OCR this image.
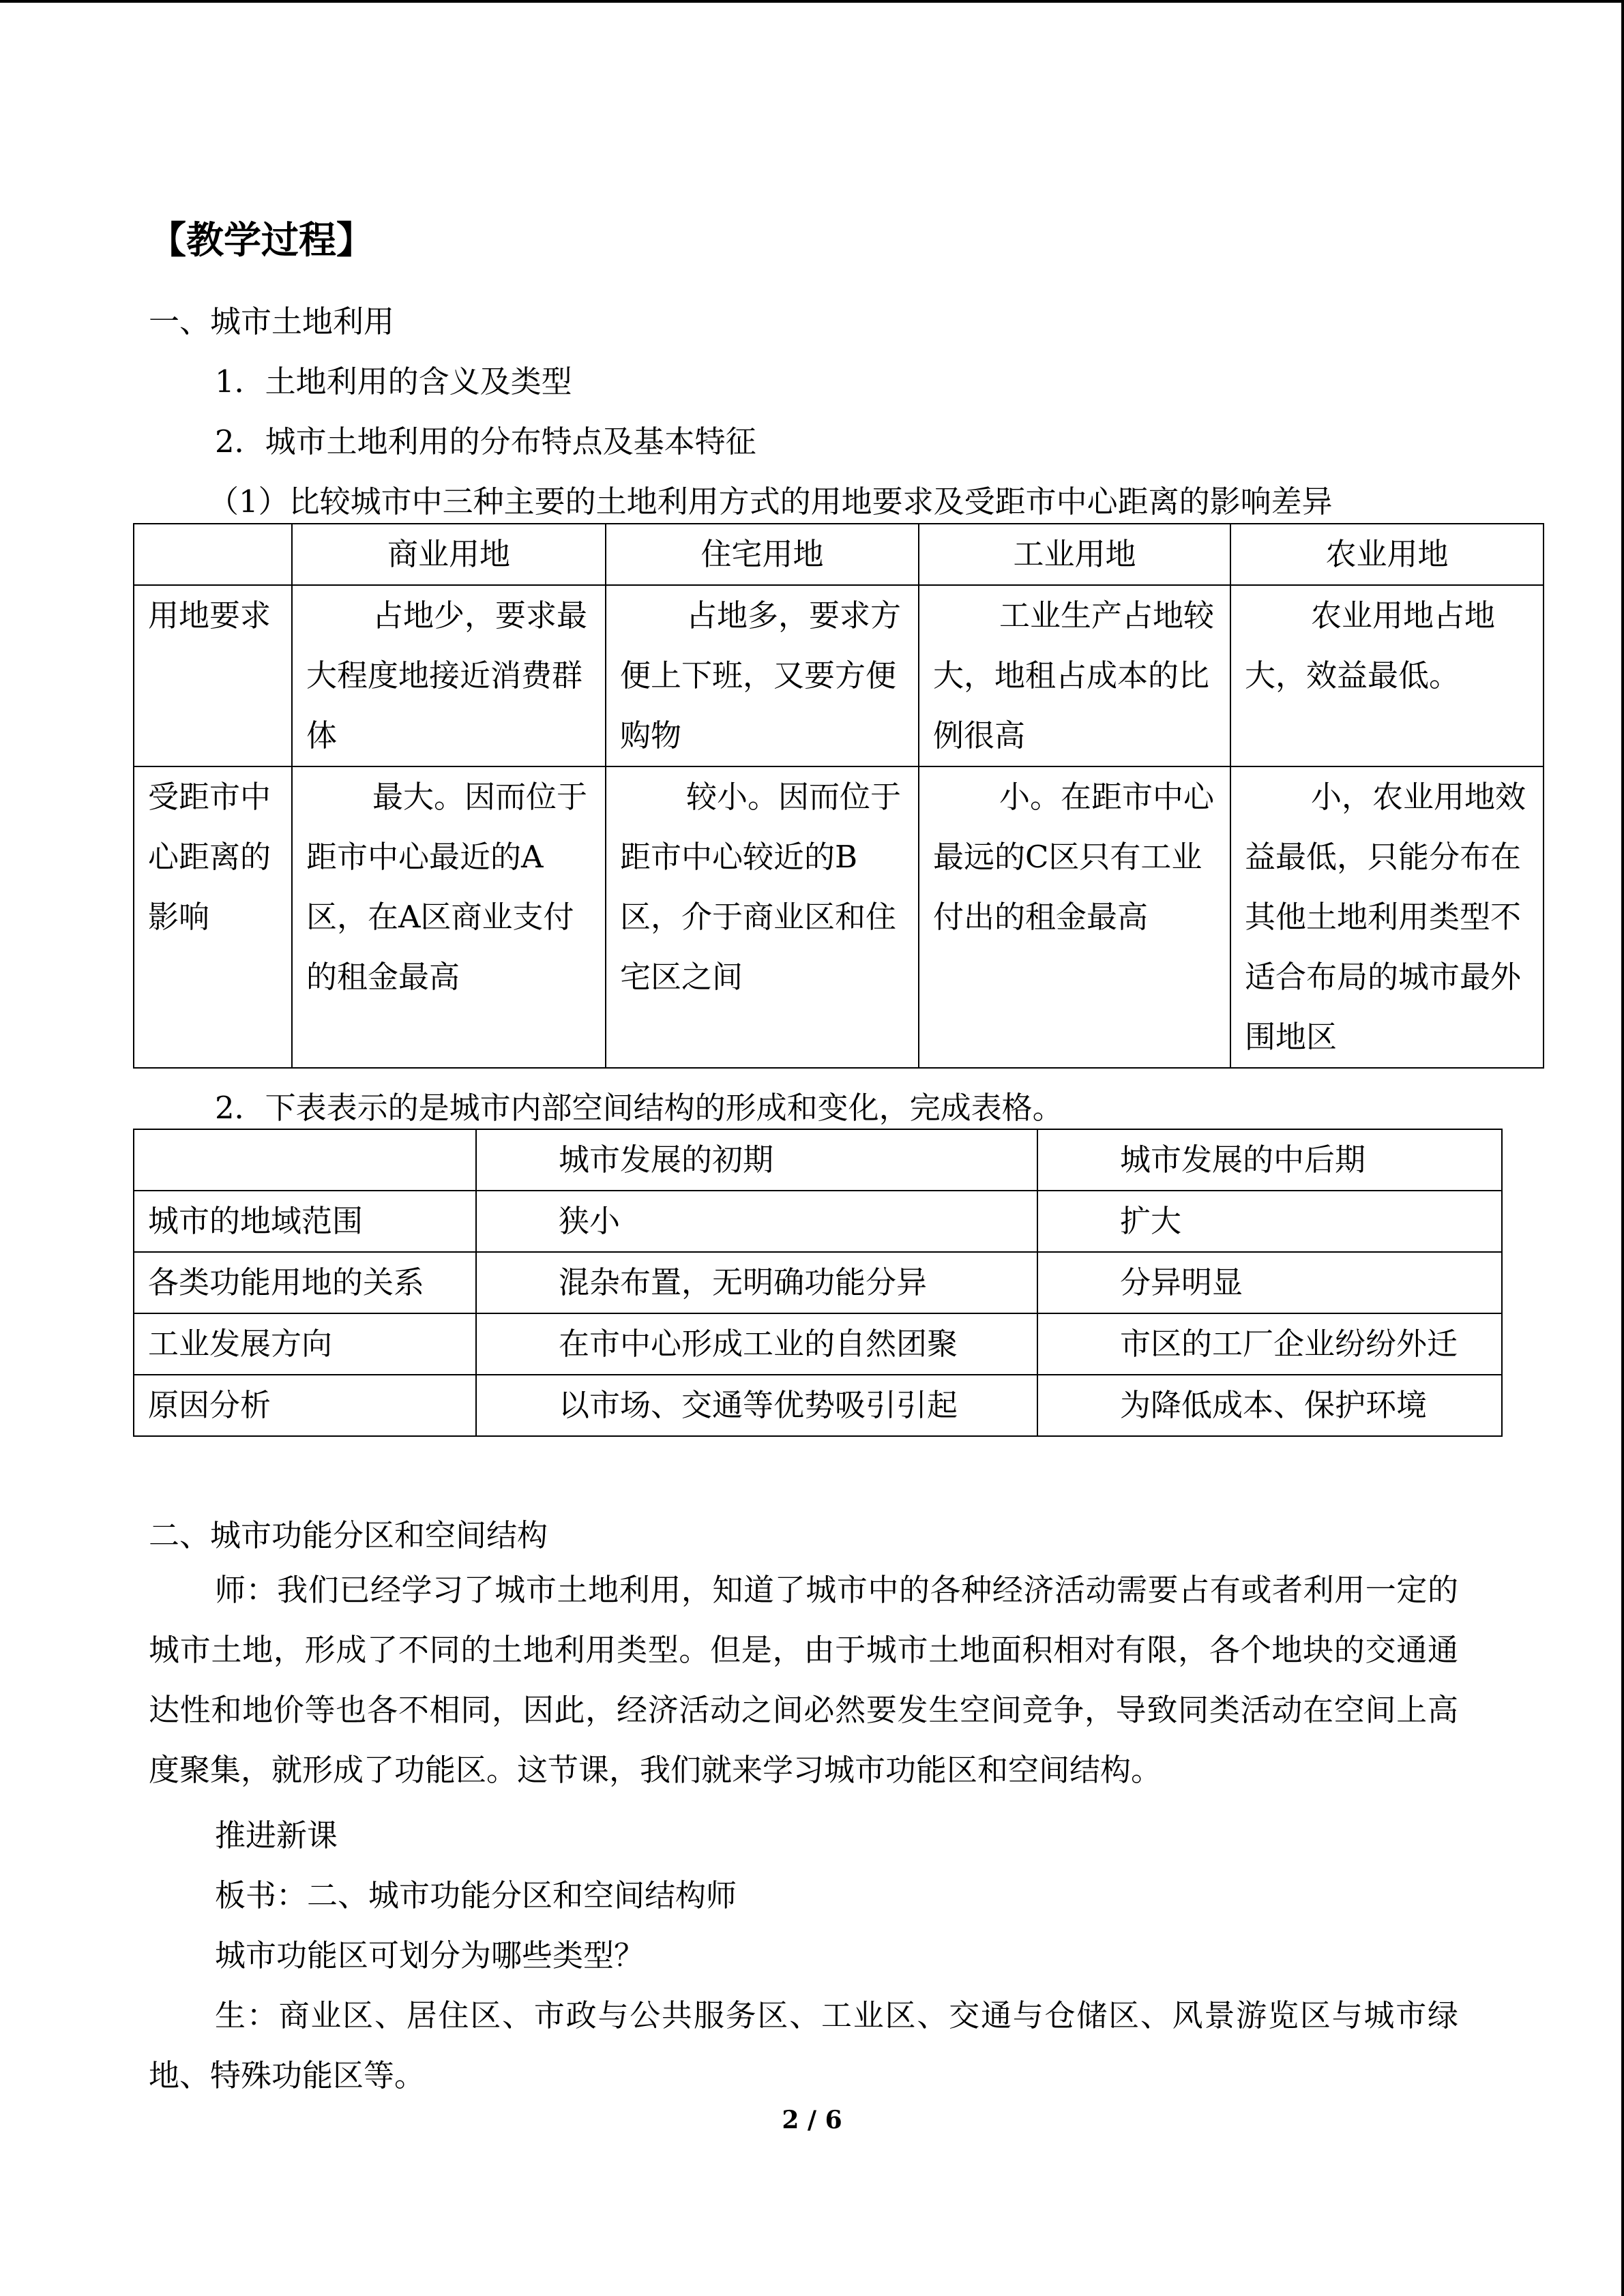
【教学过程】
一、城市土地利用
1．土地利用的含义及类型
2．城市土地利用的分布特点及基本特征
（1）比较城市中三种主要的土地利用方式的用地要求及受距市中心距离的影响差异
	商业用地	住宅用地	工业用地	农业用地
用地要求	占地少，要求最大程度地接近消费群体	占地多，要求方便上下班，又要方便购物	工业生产占地较大，地租占成本的比例很高	农业用地占地大，效益最低。
受距市中心距离的影响	最大。因而位于距市中心最近的A区，在A区商业支付的租金最高	较小。因而位于距市中心较近的B区，介于商业区和住宅区之间	小。在距市中心最远的C区只有工业付出的租金最高	小，农业用地效益最低，只能分布在其他土地利用类型不适合布局的城市最外围地区
2．下表表示的是城市内部空间结构的形成和变化，完成表格。
	城市发展的初期	城市发展的中后期
城市的地域范围	狭小	扩大
各类功能用地的关系	混杂布置，无明确功能分异	分异明显
工业发展方向	在市中心形成工业的自然团聚	市区的工厂企业纷纷外迁
原因分析	以市场、交通等优势吸引引起	为降低成本、保护环境
二、城市功能分区和空间结构
师：我们已经学习了城市土地利用，知道了城市中的各种经济活动需要占有或者利用一定的城市土地，形成了不同的土地利用类型。但是，由于城市土地面积相对有限，各个地块的交通通达性和地价等也各不相同，因此，经济活动之间必然要发生空间竞争，导致同类活动在空间上高度聚集，就形成了功能区。这节课，我们就来学习城市功能区和空间结构。
推进新课
板书：二、城市功能分区和空间结构师
城市功能区可划分为哪些类型？
生：商业区、居住区、市政与公共服务区、工业区、交通与仓储区、风景游览区与城市绿地、特殊功能区等。
2 / 6
